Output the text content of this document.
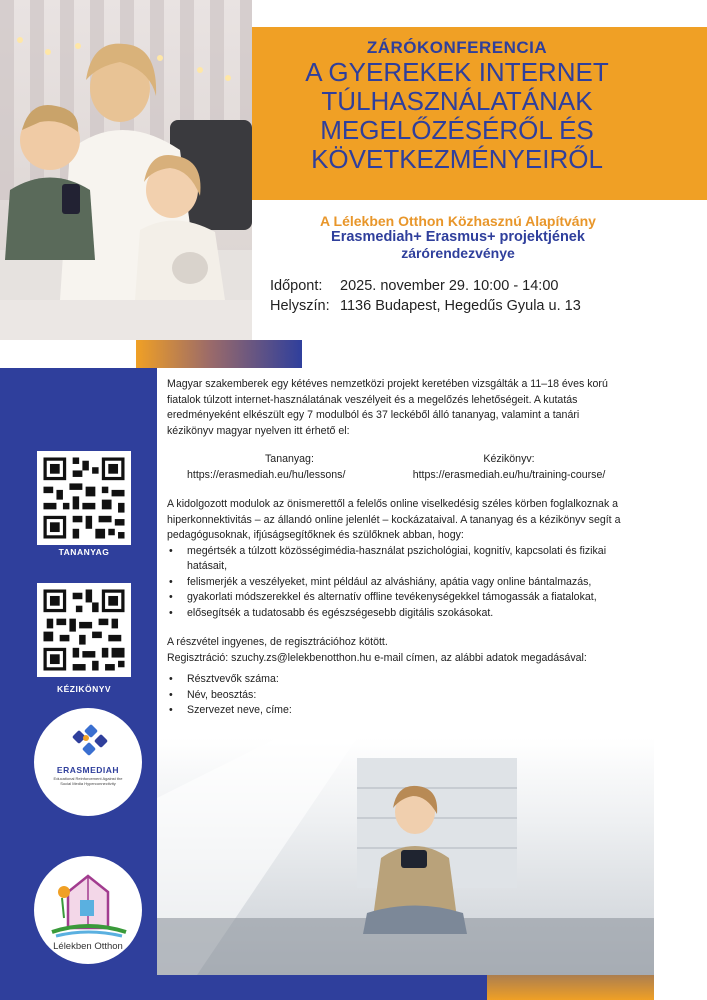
ZÁRÓKONFERENCIA
A GYEREKEK INTERNET
TÚLHASZNÁLATÁNAK
MEGELŐZÉSÉRŐL ÉS
KÖVETKEZMÉNYEIRŐL
A Lélekben Otthon Közhasznú Alapítvány
Erasmediah+ Erasmus+ projektjének
zárórendezvénye
Időpont: 2025. november 29. 10:00 - 14:00
Helyszín: 1136 Budapest, Hegedűs Gyula u. 13
TANANYAG
KÉZIKÖNYV
ERASMEDIAH
Educational Reinforcement Against the Social Media Hyperconnectivity
Lélekben Otthon

Magyar szakemberek egy kétéves nemzetközi projekt keretében vizsgálták a 11–18 éves korú fiatalok túlzott internet-használatának veszélyeit és a megelőzés lehetőségeit. A kutatás eredményeként elkészült egy 7 modulból és 37 leckéből álló tananyag, valamint a tanári kézikönyv magyar nyelven itt érhető el:

Tananyag:
https://erasmediah.eu/hu/lessons/
Kézikönyv:
https://erasmediah.eu/hu/training-course/

A kidolgozott modulok az önismerettől a felelős online viselkedésig széles körben foglalkoznak a hiperkonnektivitás – az állandó online jelenlét – kockázataival. A tananyag és a kézikönyv segít a pedagógusoknak, ifjúságsegítőknek és szülőknek abban, hogy:

• megértsék a túlzott közösségimédia-használat pszichológiai, kognitív, kapcsolati és fizikai hatásait,
• felismerjék a veszélyeket, mint például az alváshiány, apátia vagy online bántalmazás,
• gyakorlati módszerekkel és alternatív offline tevékenységekkel támogassák a fiatalokat,
• elősegítsék a tudatosabb és egészségesebb digitális szokásokat.

A részvétel ingyenes, de regisztrációhoz kötött.

Regisztráció: szuchy.zs@lelekbenotthon.hu e-mail címen, az alábbi adatok megadásával:

• Résztvevők száma:
• Név, beosztás:
• Szervezet neve, címe:
